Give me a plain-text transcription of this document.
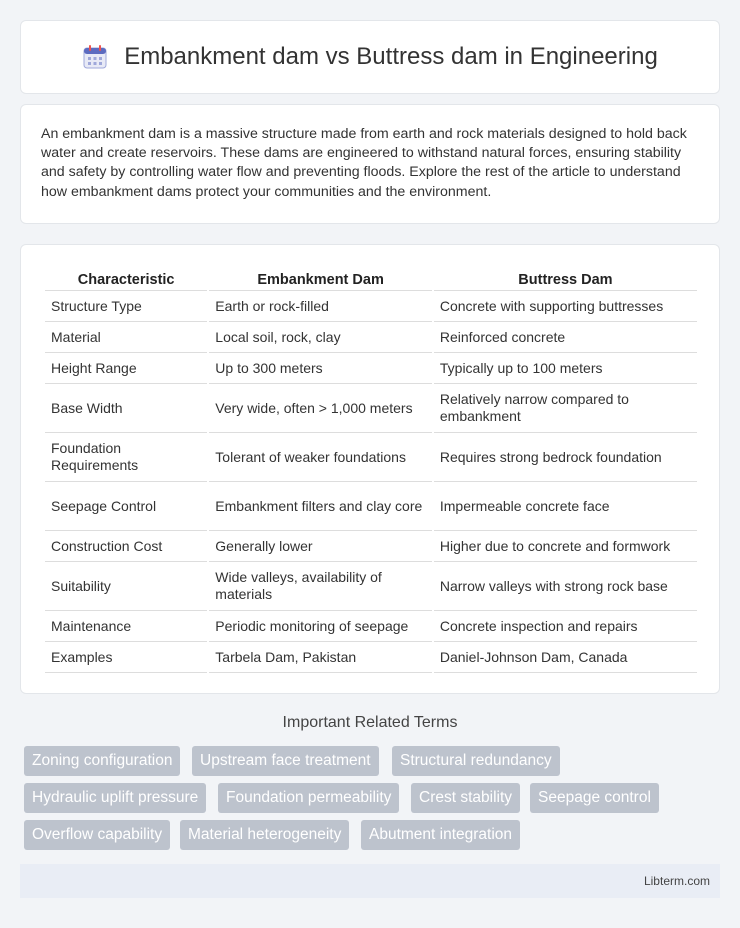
Embankment dam vs Buttress dam in Engineering

An embankment dam is a massive structure made from earth and rock materials designed to hold back water and create reservoirs. These dams are engineered to withstand natural forces, ensuring stability and safety by controlling water flow and preventing floods. Explore the rest of the article to understand how embankment dams protect your communities and the environment.

Characteristic	Embankment Dam	Buttress Dam
Structure Type	Earth or rock-filled	Concrete with supporting buttresses
Material	Local soil, rock, clay	Reinforced concrete
Height Range	Up to 300 meters	Typically up to 100 meters
Base Width	Very wide, often > 1,000 meters	Relatively narrow compared to embankment
Foundation Requirements	Tolerant of weaker foundations	Requires strong bedrock foundation
Seepage Control	Embankment filters and clay core	Impermeable concrete face
Construction Cost	Generally lower	Higher due to concrete and formwork
Suitability	Wide valleys, availability of materials	Narrow valleys with strong rock base
Maintenance	Periodic monitoring of seepage	Concrete inspection and repairs
Examples	Tarbela Dam, Pakistan	Daniel-Johnson Dam, Canada
Important Related Terms
Zoning configuration	Upstream face treatment	Structural redundancy
Hydraulic uplift pressure	Foundation permeability	Crest stability	Seepage control
Overflow capability	Material heterogeneity	Abutment integration
Libterm.com
